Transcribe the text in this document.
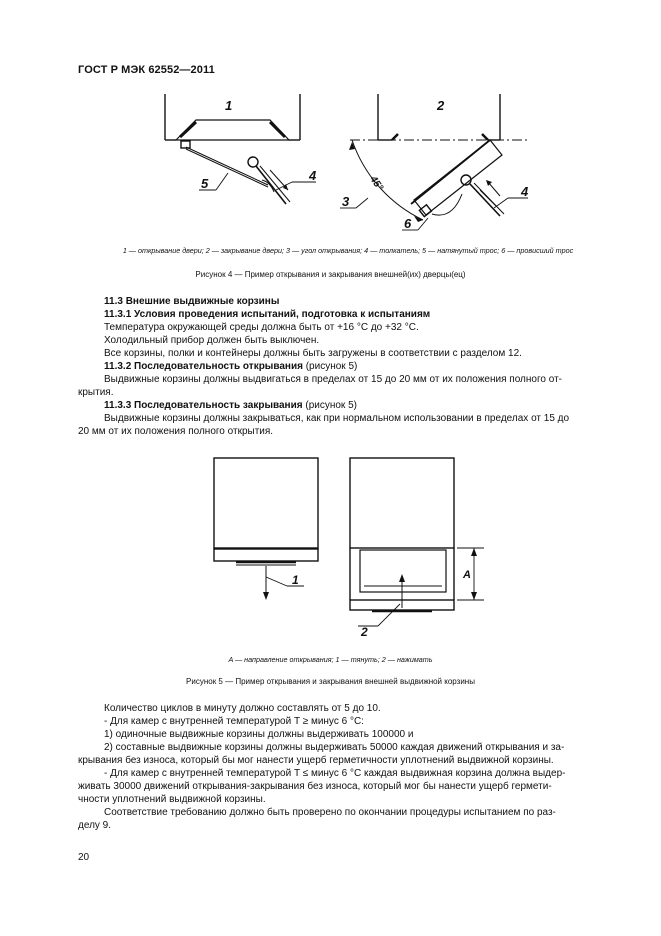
ГОСТ Р МЭК 62552—2011
1	2
5
4
3
4
6
45°
1 — открывание двери; 2 — закрывание двери; 3 — угол открывания; 4 — толкатель; 5 — натянутый трос; 6 — провисший трос
Рисунок 4 — Пример открывания и закрывания внешней(их) дверцы(ец)
11.3 Внешние выдвижные корзины
11.3.1 Условия проведения испытаний, подготовка к испытаниям
Температура окружающей среды должна быть от +16 °С до +32 °С.
Холодильный прибор должен быть выключен.
Все корзины, полки и контейнеры должны быть загружены в соответствии с разделом 12.
11.3.2 Последовательность открывания (рисунок 5)
Выдвижные корзины должны выдвигаться в пределах от 15 до 20 мм от их положения полного от-
крытия.
11.3.3 Последовательность закрывания (рисунок 5)
Выдвижные корзины должны закрываться, как при нормальном использовании в пределах от 15 до
20 мм от их положения полного открытия.
1
2
A
A — направление открывания; 1 — тянуть; 2 — нажимать
Рисунок 5 — Пример открывания и закрывания внешней выдвижной корзины
Количество циклов в минуту должно составлять от 5 до 10.
- Для камер с внутренней температурой T ≥ минус 6 °С:
1) одиночные выдвижные корзины должны выдерживать 100000 и
2) составные выдвижные корзины должны выдерживать 50000 каждая движений открывания и за-
крывания без износа, который бы мог нанести ущерб герметичности уплотнений выдвижной корзины.
- Для камер с внутренней температурой T ≤ минус 6 °С каждая выдвижная корзина должна выдер-
живать 30000 движений открывания-закрывания без износа, который мог бы нанести ущерб гермети-
чности уплотнений выдвижной корзины.
Соответствие требованию должно быть проверено по окончании процедуры испытанием по раз-
делу 9.
20
